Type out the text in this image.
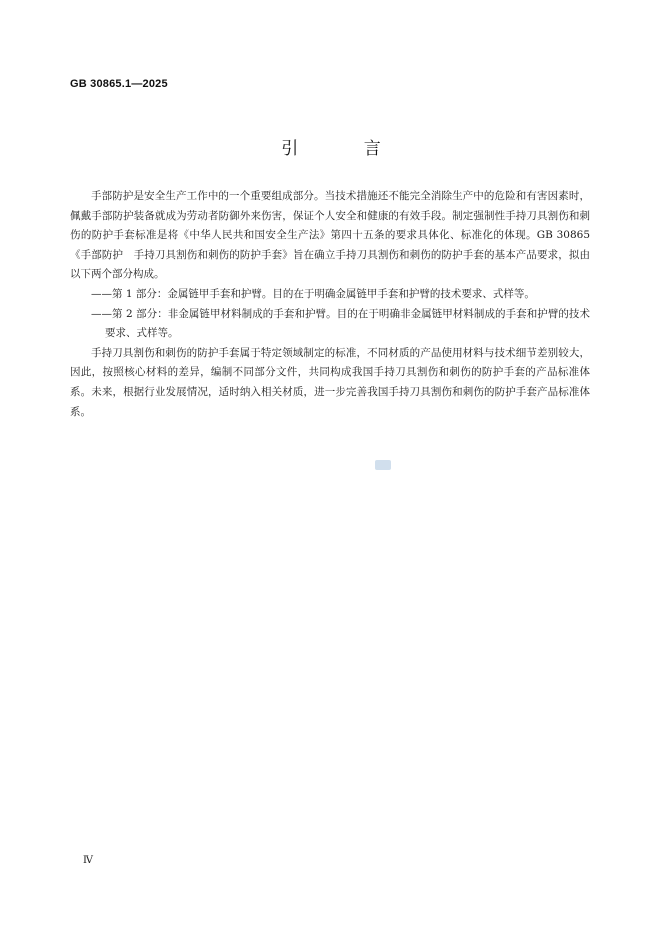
GB 30865.1—2025
引 言

手部防护是安全生产工作中的一个重要组成部分。当技术措施还不能完全消除生产中的危险和有害因素时，佩戴手部防护装备就成为劳动者防御外来伤害，保证个人安全和健康的有效手段。制定强制性手持刀具割伤和刺伤的防护手套标准是将《中华人民共和国安全生产法》第四十五条的要求具体化、标准化的体现。GB 30865《手部防护　手持刀具割伤和刺伤的防护手套》旨在确立手持刀具割伤和刺伤的防护手套的基本产品要求，拟由以下两个部分构成。

——第 1 部分：金属链甲手套和护臂。目的在于明确金属链甲手套和护臂的技术要求、式样等。

——第 2 部分：非金属链甲材料制成的手套和护臂。目的在于明确非金属链甲材料制成的手套和护臂的技术要求、式样等。

手持刀具割伤和刺伤的防护手套属于特定领域制定的标准，不同材质的产品使用材料与技术细节差别较大，因此，按照核心材料的差异，编制不同部分文件，共同构成我国手持刀具割伤和刺伤的防护手套的产品标准体系。未来，根据行业发展情况，适时纳入相关材质，进一步完善我国手持刀具割伤和刺伤的防护手套产品标准体系。

Ⅳ
